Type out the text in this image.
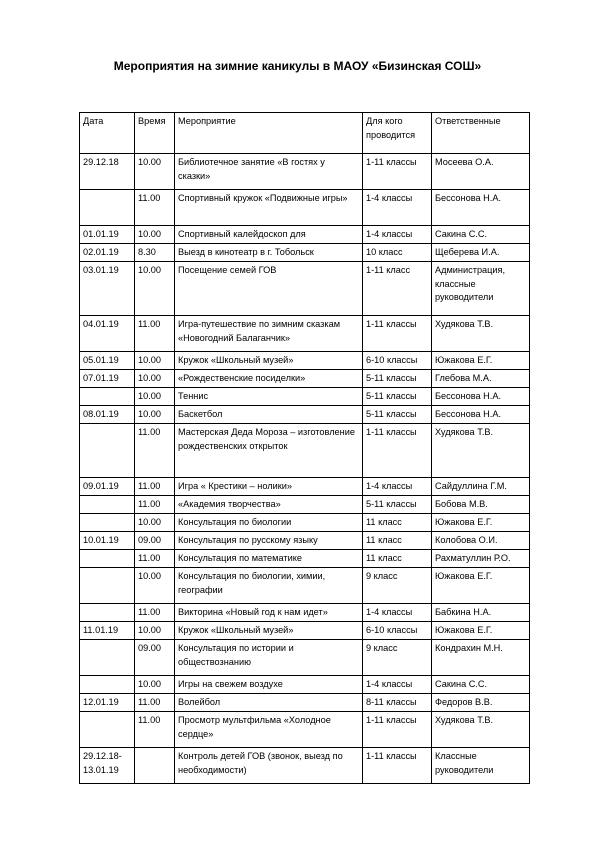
Мероприятия на зимние каникулы в МАОУ «Бизинская СОШ»
Дата	Время	Мероприятие	Для кого проводится	Ответственные
29.12.18	10.00	Библиотечное занятие «В гостях у сказки»	1-11 классы	Мосеева О.А.
	11.00	Спортивный кружок «Подвижные игры»	1-4 классы	Бессонова Н.А.
01.01.19	10.00	Спортивный калейдоскоп для	1-4 классы	Сакина С.С.
02.01.19	8.30	Выезд в кинотеатр в г. Тобольск	10 класс	Щеберева И.А.
03.01.19	10.00	Посещение семей ГОВ	1-11 класс	Администрация, классные руководители
04.01.19	11.00	Игра-путешествие по зимним сказкам «Новогодний Балаганчик»	1-11 классы	Худякова Т.В.
05.01.19	10.00	Кружок «Школьный музей»	6-10 классы	Южакова Е.Г.
07.01.19	10.00	«Рождественские посиделки»	5-11 классы	Глебова М.А.
	10.00	Теннис	5-11 классы	Бессонова Н.А.
08.01.19	10.00	Баскетбол	5-11 классы	Бессонова Н.А.
	11.00	Мастерская Деда Мороза – изготовление рождественских открыток	1-11 классы	Худякова Т.В.
09.01.19	11.00	Игра « Крестики – нолики»	1-4 классы	Сайдуллина Г.М.
	11.00	«Академия творчества»	5-11 классы	Бобова М.В.
	10.00	Консультация по биологии	11 класс	Южакова Е.Г.
10.01.19	09.00	Консультация по русскому языку	11 класс	Колобова О.И.
	11.00	Консультация по математике	11 класс	Рахматуллин Р.О.
	10.00	Консультация по биологии, химии, географии	9 класс	Южакова Е.Г.
	11.00	Викторина «Новый год к нам идет»	1-4 классы	Бабкина Н.А.
11.01.19	10.00	Кружок «Школьный музей»	6-10 классы	Южакова Е.Г.
	09.00	Консультация по истории и обществознанию	9 класс	Кондрахин М.Н.
	10.00	Игры на свежем воздухе	1-4 классы	Сакина С.С.
12.01.19	11.00	Волейбол	8-11 классы	Федоров В.В.
	11.00	Просмотр мультфильма «Холодное сердце»	1-11 классы	Худякова Т.В.
29.12.18-13.01.19		Контроль детей ГОВ (звонок, выезд по необходимости)	1-11 классы	Классные руководители
